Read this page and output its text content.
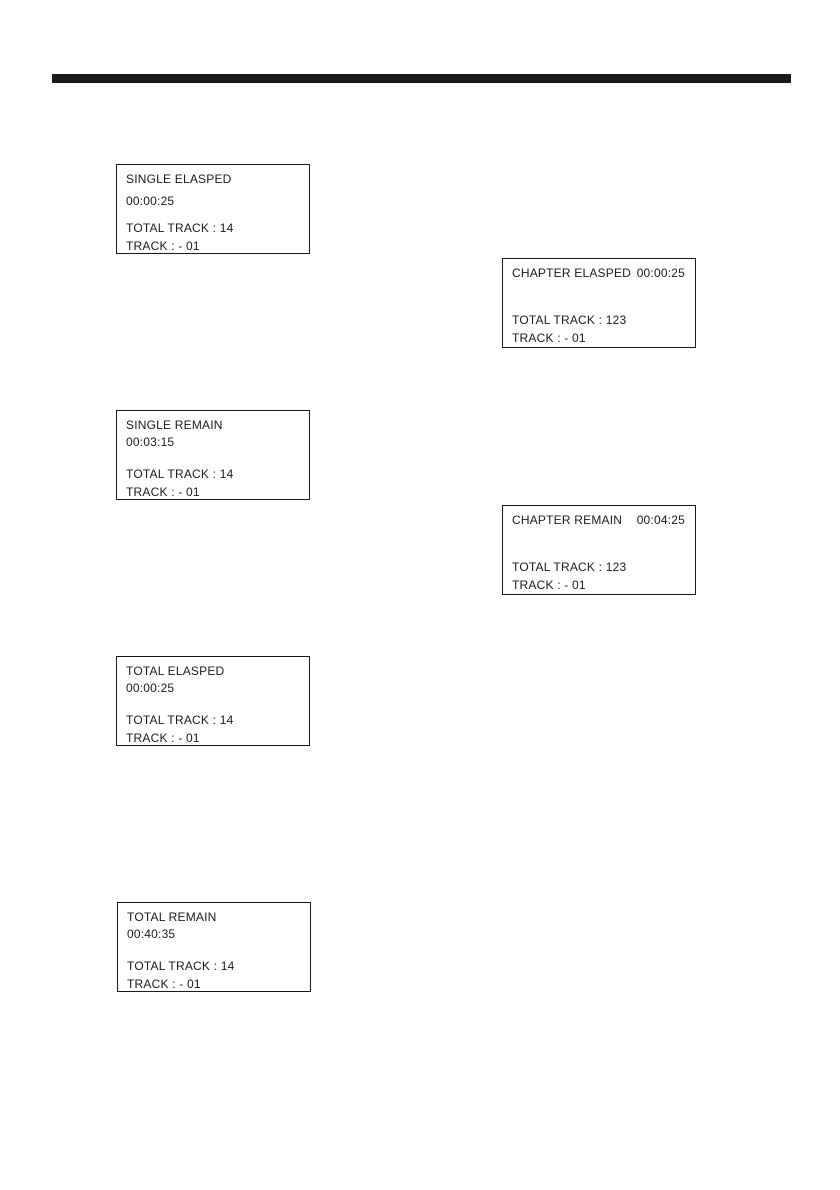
SINGLE ELASPED
00:00:25
TOTAL TRACK : 14
TRACK : - 01
SINGLE REMAIN
00:03:15
TOTAL TRACK : 14
TRACK : - 01
TOTAL ELASPED
00:00:25
TOTAL TRACK : 14
TRACK : - 01
TOTAL REMAIN
00:40:35
TOTAL TRACK : 14
TRACK : - 01
CHAPTER ELASPED 00:00:25
TOTAL TRACK : 123
TRACK : - 01
CHAPTER REMAIN 00:04:25
TOTAL TRACK : 123
TRACK : - 01
